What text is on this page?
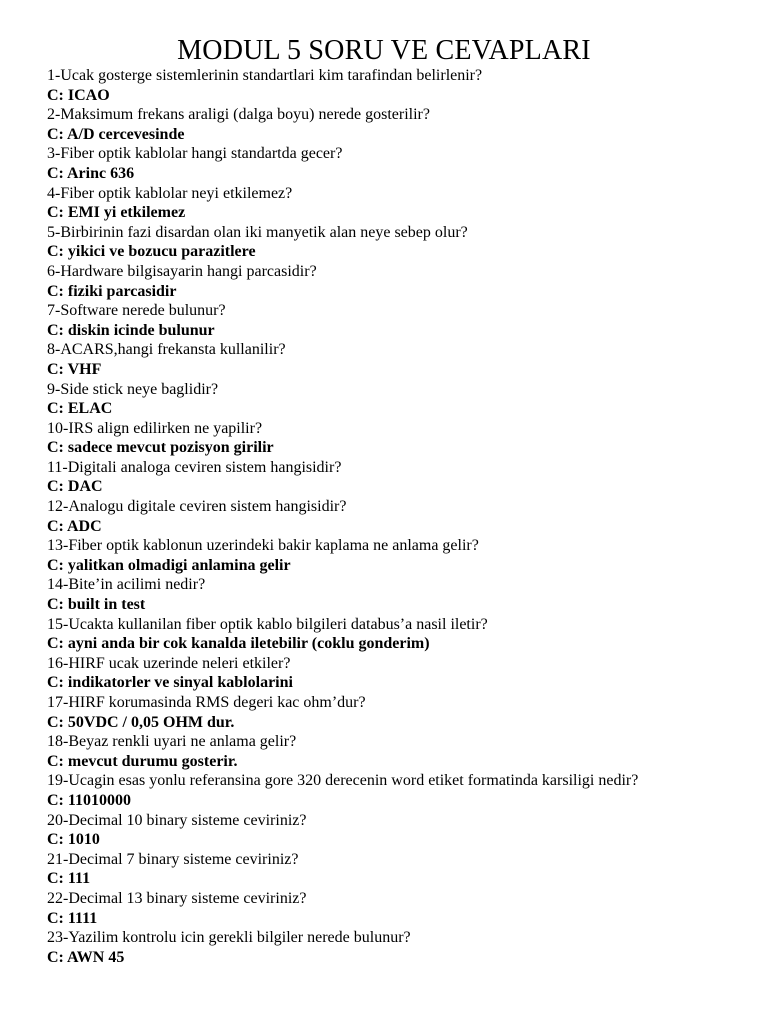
MODUL 5 SORU VE CEVAPLARI
1-Ucak gosterge sistemlerinin standartlari kim tarafindan belirlenir?
C: ICAO
2-Maksimum frekans araligi (dalga boyu) nerede gosterilir?
C: A/D cercevesinde
3-Fiber optik kablolar hangi standartda gecer?
C: Arinc 636
4-Fiber optik kablolar neyi etkilemez?
C: EMI yi etkilemez
5-Birbirinin fazi disardan olan iki manyetik alan neye sebep olur?
C: yikici ve bozucu parazitlere
6-Hardware bilgisayarin hangi parcasidir?
C: fiziki parcasidir
7-Software nerede bulunur?
C: diskin icinde bulunur
8-ACARS,hangi frekansta kullanilir?
C: VHF
9-Side stick neye baglidir?
C: ELAC
10-IRS align edilirken ne yapilir?
C: sadece mevcut pozisyon girilir
11-Digitali analoga ceviren sistem hangisidir?
C: DAC
12-Analogu digitale ceviren sistem hangisidir?
C: ADC
13-Fiber optik kablonun uzerindeki bakir kaplama ne anlama gelir?
C: yalitkan olmadigi anlamina gelir
14-Bite’in acilimi nedir?
C: built in test
15-Ucakta kullanilan fiber optik kablo bilgileri databus’a nasil iletir?
C: ayni anda bir cok kanalda iletebilir (coklu gonderim)
16-HIRF ucak uzerinde neleri etkiler?
C: indikatorler ve sinyal kablolarini
17-HIRF korumasinda RMS degeri kac ohm’dur?
C: 50VDC / 0,05 OHM dur.
18-Beyaz renkli uyari ne anlama gelir?
C: mevcut durumu gosterir.
19-Ucagin esas yonlu referansina gore 320 derecenin word etiket formatinda karsiligi nedir?
C: 11010000
20-Decimal 10 binary sisteme ceviriniz?
C: 1010
21-Decimal 7 binary sisteme ceviriniz?
C: 111
22-Decimal 13 binary sisteme ceviriniz?
C: 1111
23-Yazilim kontrolu icin gerekli bilgiler nerede bulunur?
C: AWN 45
